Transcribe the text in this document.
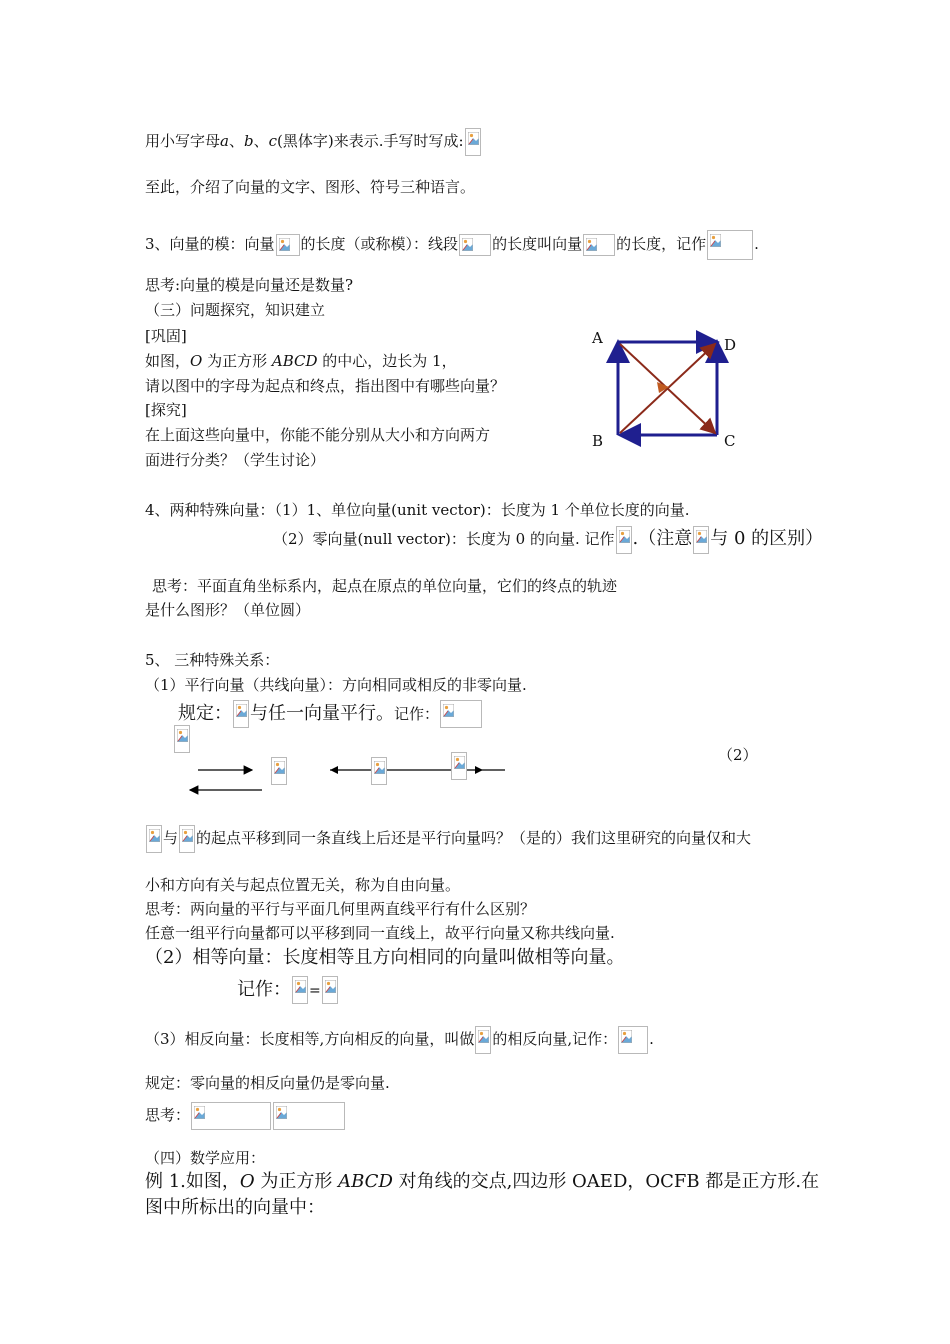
用小写字母a、b、c(黑体字)来表示.手写时写成:
至此，介绍了向量的文字、图形、符号三种语言。
3、向量的模：向量 的长度（或称模）：线段 的长度叫向量 的长度，记作	.
思考:向量的模是向量还是数量?
（三）问题探究，知识建立
[巩固]
如图，O 为正方形 ABCD 的中心，边长为 1，
请以图中的字母为起点和终点，指出图中有哪些向量？
[探究]
在上面这些向量中，你能不能分别从大小和方向两方
面进行分类？（学生讨论）
A	D
B	C
4、两种特殊向量：（1）1、单位向量(unit vector)：长度为 1 个单位长度的向量.
（2）零向量(null vector)：长度为 0 的向量. 记作 .（注意 与 0 的区别）
思考：平面直角坐标系内，起点在原点的单位向量，它们的终点的轨迹
是什么图形？（单位圆）
5、 三种特殊关系：
（1）平行向量（共线向量）：方向相同或相反的非零向量.
规定： 与任一向量平行。记作：
（2）
与 的起点平移到同一条直线上后还是平行向量吗？（是的）我们这里研究的向量仅和大
小和方向有关与起点位置无关，称为自由向量。
思考：两向量的平行与平面几何里两直线平行有什么区别？
任意一组平行向量都可以平移到同一直线上，故平行向量又称共线向量.
（2）相等向量：长度相等且方向相同的向量叫做相等向量。
记作： =
（3）相反向量：长度相等,方向相反的向量，叫做 的相反向量,记作： .
规定：零向量的相反向量仍是零向量.
思考：
（四）数学应用：
例 1.如图，O 为正方形 ABCD 对角线的交点,四边形 OAED，OCFB 都是正方形.在
图中所标出的向量中：
